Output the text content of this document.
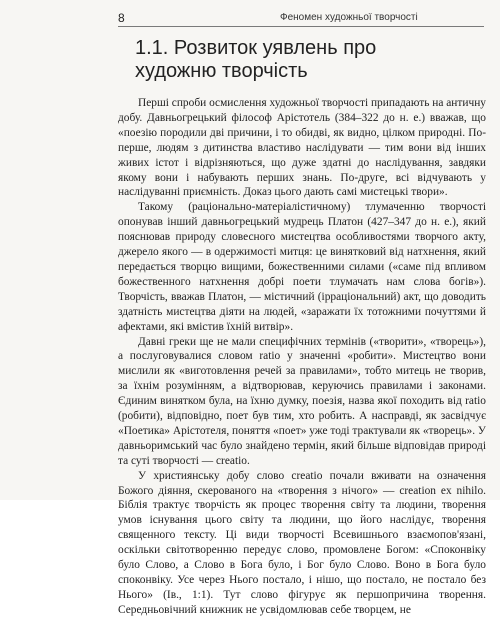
8	Феномен художньої творчості
1.1. Розвиток уявлень про художню творчість

Перші спроби осмислення художньої творчості припадають на античну добу. Давньогрецький філософ Арістотель (384–322 до н. е.) вважав, що «поезію породили дві причини, і то обидві, як видно, цілком природні. По-перше, людям з дитинства властиво наслідувати — тим вони від інших живих істот і відрізняються, що дуже здатні до наслідування, завдяки якому вони і набувають перших знань. По-друге, всі відчувають у наслідуванні приємність. Доказ цього дають самі мистецькі твори».

Такому (раціонально-матеріалістичному) тлумаченню творчості опонував інший давньогрецький мудрець Платон (427–347 до н. е.), який пояснював природу словесного мистецтва особливостями творчого акту, джерело якого — в одержимості митця: це винятковий від натхнення, який передається творцю вищими, божественними силами («саме під впливом божественного натхнення добрі поети тлумачать нам слова богів»). Творчість, вважав Платон, — містичний (ірраціональний) акт, що доводить здатність мистецтва діяти на людей, «заражати їх тотожними почуттями й афектами, які вмістив їхній витвір».

Давні греки ще не мали специфічних термінів («творити», «творець»), а послуговувалися словом ratio у значенні «робити». Мистецтво вони мислили як «виготовлення речей за правилами», тобто митець не творив, за їхнім розумінням, а відтворював, керуючись правилами і законами. Єдиним винятком була, на їхню думку, поезія, назва якої походить від ratio (робити), відповідно, поет був тим, хто робить. А насправді, як засвідчує «Поетика» Арістотеля, поняття «поет» уже тоді трактували як «творець». У давньоримський час було знайдено термін, який більше відповідав природі та суті творчості — creatio.

У християнську добу слово creatio почали вживати на означення Божого діяння, скерованого на «творення з нічого» — creation ex nihilo. Біблія трактує творчість як процес творення світу та людини, творення умов існування цього світу та людини, що його наслідує, творення священного тексту. Ці види творчості Всевишнього взаємопов'язані, оскільки світотворенню передує слово, промовлене Богом: «Споконвіку було Слово, а Слово в Бога було, і Бог було Слово. Воно в Бога було споконвіку. Усе через Нього постало, і нішо, що постало, не постало без Нього» (Ів., 1:1). Тут слово фігурує як першопричина творення. Середньовічний книжник не усвідомлював себе творцем, не
